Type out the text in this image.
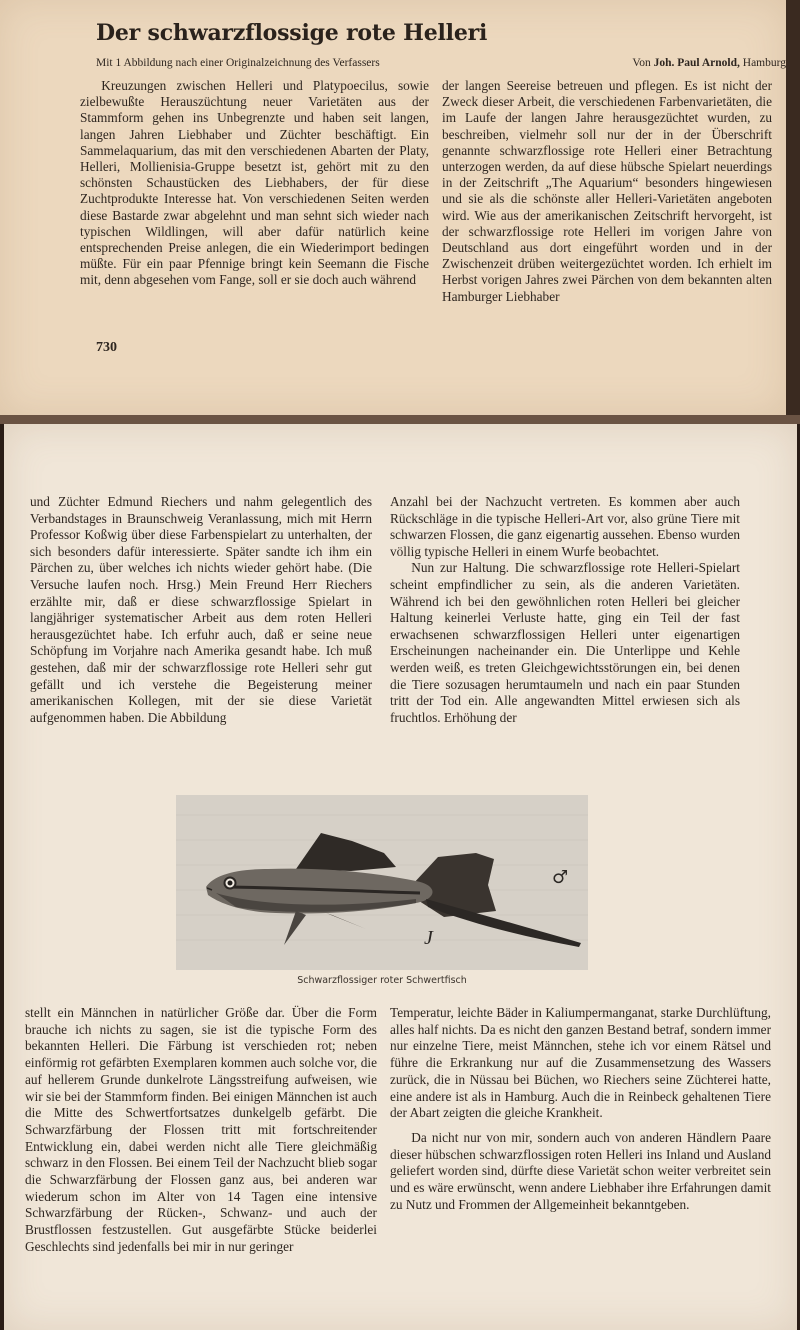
Der schwarzflossige rote Helleri
Mit 1 Abbildung nach einer Originalzeichnung des Verfassers	Von Joh. Paul Arnold, Hamburg

Kreuzungen zwischen Helleri und Platypoecilus, sowie zielbewußte Herauszüchtung neuer Varietäten aus der Stammform gehen ins Unbegrenzte und haben seit langen, langen Jahren Liebhaber und Züchter beschäftigt. Ein Sammelaquarium, das mit den verschiedenen Abarten der Platy, Helleri, Mollienisia-Gruppe besetzt ist, gehört mit zu den schönsten Schaustücken des Liebhabers, der für diese Zuchtprodukte Interesse hat. Von verschiedenen Seiten werden diese Bastarde zwar abgelehnt und man sehnt sich wieder nach typischen Wildlingen, will aber dafür natürlich keine entsprechenden Preise anlegen, die ein Wiederimport bedingen müßte. Für ein paar Pfennige bringt kein Seemann die Fische mit, denn abgesehen vom Fange, soll er sie doch auch während

der langen Seereise betreuen und pflegen. Es ist nicht der Zweck dieser Arbeit, die verschiedenen Farbenvarietäten, die im Laufe der langen Jahre herausgezüchtet wurden, zu beschreiben, vielmehr soll nur der in der Überschrift genannte schwarzflossige rote Helleri einer Betrachtung unterzogen werden, da auf diese hübsche Spielart neuerdings in der Zeitschrift „The Aquarium“ besonders hingewiesen und sie als die schönste aller Helleri-Varietäten angeboten wird. Wie aus der amerikanischen Zeitschrift hervorgeht, ist der schwarzflossige rote Helleri im vorigen Jahre von Deutschland aus dort eingeführt worden und in der Zwischenzeit drüben weitergezüchtet worden. Ich erhielt im Herbst vorigen Jahres zwei Pärchen von dem bekannten alten Hamburger Liebhaber

730

und Züchter Edmund Riechers und nahm gelegentlich des Verbandstages in Braunschweig Veranlassung, mich mit Herrn Professor Koßwig über diese Farbenspielart zu unterhalten, der sich besonders dafür interessierte. Später sandte ich ihm ein Pärchen zu, über welches ich nichts wieder gehört habe. (Die Versuche laufen noch. Hrsg.) Mein Freund Herr Riechers erzählte mir, daß er diese schwarzflossige Spielart in langjähriger systematischer Arbeit aus dem roten Helleri herausgezüchtet habe. Ich erfuhr auch, daß er seine neue Schöpfung im Vorjahre nach Amerika gesandt habe. Ich muß gestehen, daß mir der schwarzflossige rote Helleri sehr gut gefällt und ich verstehe die Begeisterung meiner amerikanischen Kollegen, mit der sie diese Varietät aufgenommen haben. Die Abbildung

Anzahl bei der Nachzucht vertreten. Es kommen aber auch Rückschläge in die typische Helleri-Art vor, also grüne Tiere mit schwarzen Flossen, die ganz eigenartig aussehen. Ebenso wurden völlig typische Helleri in einem Wurfe beobachtet.

Nun zur Haltung. Die schwarzflossige rote Helleri-Spielart scheint empfindlicher zu sein, als die anderen Varietäten. Während ich bei den gewöhnlichen roten Helleri bei gleicher Haltung keinerlei Verluste hatte, ging ein Teil der fast erwachsenen schwarzflossigen Helleri unter eigenartigen Erscheinungen nacheinander ein. Die Unterlippe und Kehle werden weiß, es treten Gleichgewichtsstörungen ein, bei denen die Tiere sozusagen herumtaumeln und nach ein paar Stunden tritt der Tod ein. Alle angewandten Mittel erwiesen sich als fruchtlos. Erhöhung der

♂
J
Schwarzflossiger roter Schwertfisch

stellt ein Männchen in natürlicher Größe dar. Über die Form brauche ich nichts zu sagen, sie ist die typische Form des bekannten Helleri. Die Färbung ist verschieden rot; neben einförmig rot gefärbten Exemplaren kommen auch solche vor, die auf hellerem Grunde dunkelrote Längsstreifung aufweisen, wie wir sie bei der Stammform finden. Bei einigen Männchen ist auch die Mitte des Schwertfortsatzes dunkelgelb gefärbt. Die Schwarzfärbung der Flossen tritt mit fortschreitender Entwicklung ein, dabei werden nicht alle Tiere gleichmäßig schwarz in den Flossen. Bei einem Teil der Nachzucht blieb sogar die Schwarzfärbung der Flossen ganz aus, bei anderen war wiederum schon im Alter von 14 Tagen eine intensive Schwarzfärbung der Rücken-, Schwanz- und auch der Brustflossen festzustellen. Gut ausgefärbte Stücke beiderlei Geschlechts sind jedenfalls bei mir in nur geringer

Temperatur, leichte Bäder in Kaliumpermanganat, starke Durchlüftung, alles half nichts. Da es nicht den ganzen Bestand betraf, sondern immer nur einzelne Tiere, meist Männchen, stehe ich vor einem Rätsel und führe die Erkrankung nur auf die Zusammensetzung des Wassers zurück, die in Nüssau bei Büchen, wo Riechers seine Züchterei hatte, eine andere ist als in Hamburg. Auch die in Reinbeck gehaltenen Tiere der Abart zeigten die gleiche Krankheit.

Da nicht nur von mir, sondern auch von anderen Händlern Paare dieser hübschen schwarzflossigen roten Helleri ins Inland und Ausland geliefert worden sind, dürfte diese Varietät schon weiter verbreitet sein und es wäre erwünscht, wenn andere Liebhaber ihre Erfahrungen damit zu Nutz und Frommen der Allgemeinheit bekanntgeben.
